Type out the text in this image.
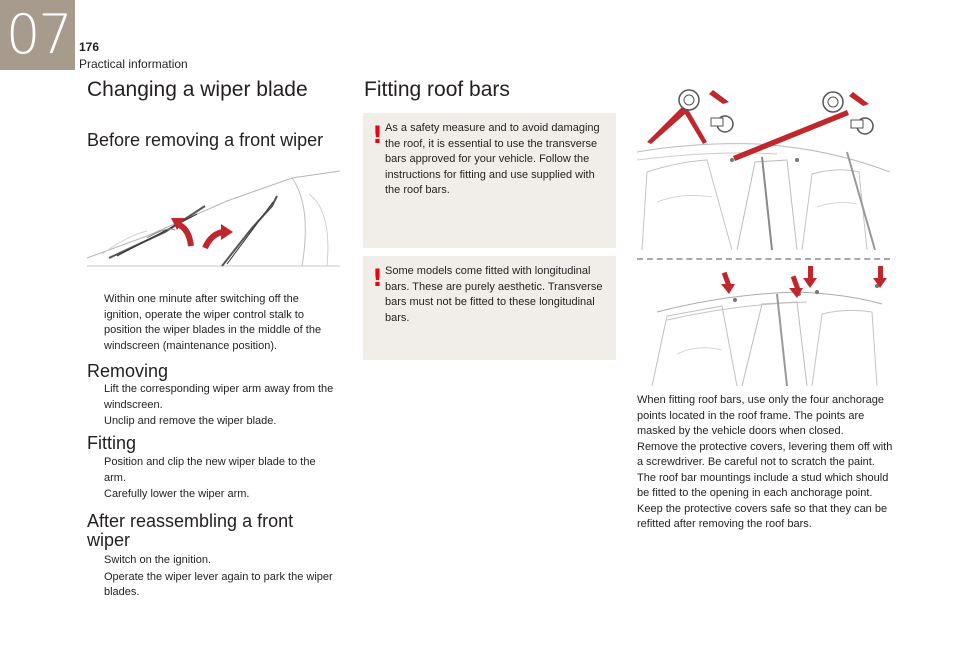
07 176
Practical information
Changing a wiper blade
Before removing a front wiper
Within one minute after switching off the ignition, operate the wiper control stalk to position the wiper blades in the middle of the windscreen (maintenance position).
Removing
Lift the corresponding wiper arm away from the windscreen.
Unclip and remove the wiper blade.
Fitting
Position and clip the new wiper blade to the arm.
Carefully lower the wiper arm.
After reassembling a front wiper
Switch on the ignition.
Operate the wiper lever again to park the wiper blades.
Fitting roof bars
! As a safety measure and to avoid damaging the roof, it is essential to use the transverse bars approved for your vehicle. Follow the instructions for fitting and use supplied with the roof bars.
! Some models come fitted with longitudinal bars. These are purely aesthetic. Transverse bars must not be fitted to these longitudinal bars.

When fitting roof bars, use only the four anchorage points located in the roof frame. The points are masked by the vehicle doors when closed.

Remove the protective covers, levering them off with a screwdriver. Be careful not to scratch the paint.

The roof bar mountings include a stud which should be fitted to the opening in each anchorage point.

Keep the protective covers safe so that they can be refitted after removing the roof bars.
